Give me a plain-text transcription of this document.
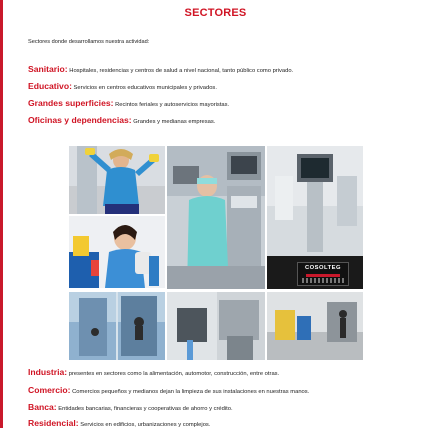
SECTORES
Sectores donde desarrollamos nuestra actividad:
Sanitario: Hospitales, residencias y centros de salud a nivel nacional, tanto público como privado.
Educativo: Servicios en centros educativos municipales y privados.
Grandes superficies: Recintos feriales y autoservicios mayoristas.
Oficinas y dependencias: Grandes y medianas empresas.
COSOLTEG
Industria: presentes en sectores como la alimentación, automotor, construcción, entre otras.
Comercio: Comercios pequeños y medianos dejan la limpieza de sus instalaciones en nuestras manos.
Banca: Entidades bancarias, financieras y cooperativas de ahorro y crédito.
Residencial: Servicios en edificios, urbanizaciones y complejos.
